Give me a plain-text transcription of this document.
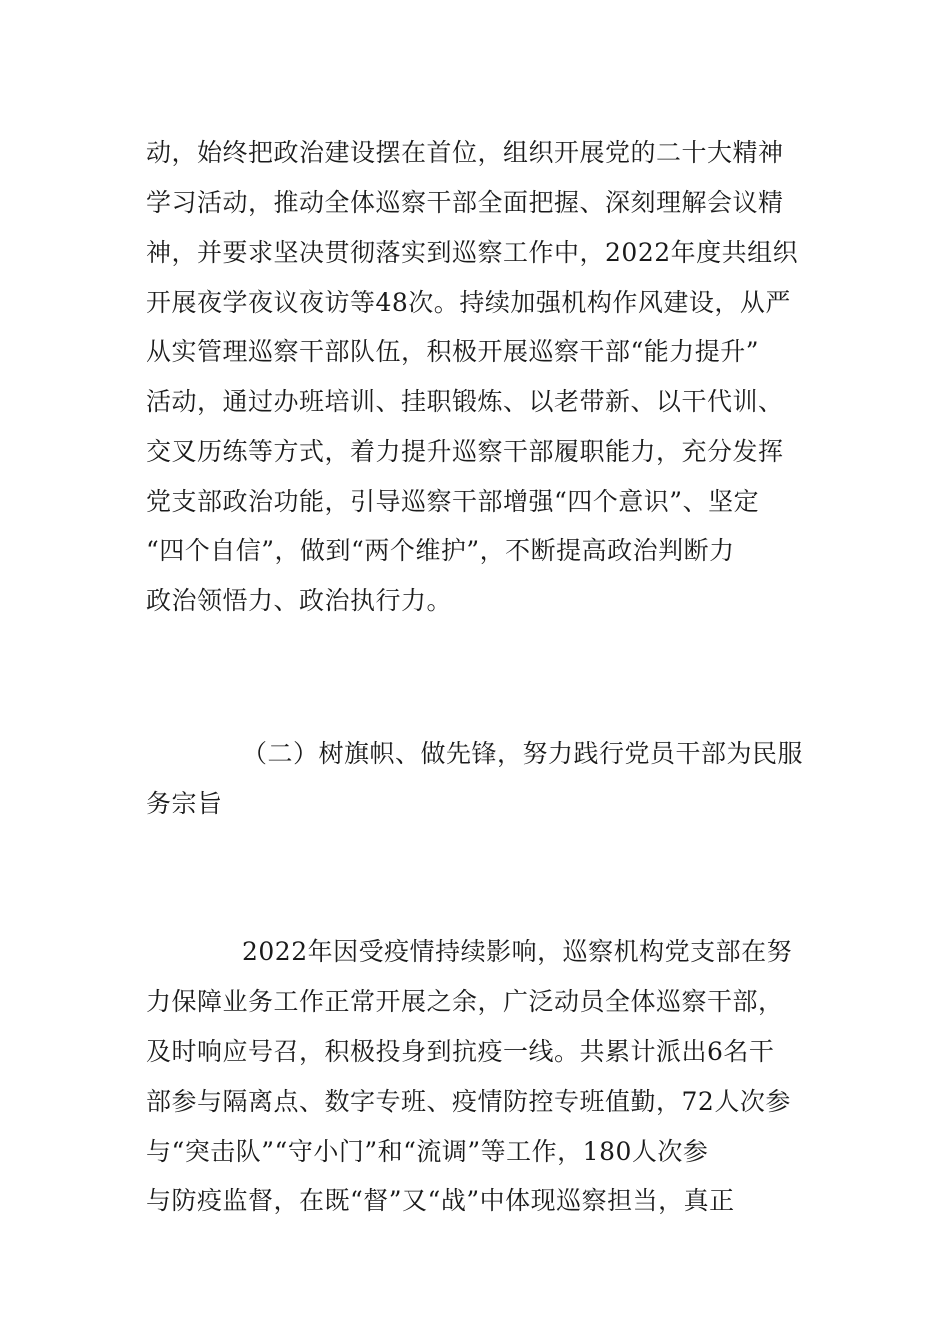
动，始终把政治建设摆在首位，组织开展党的二十大精神
学习活动，推动全体巡察干部全面把握、深刻理解会议精
神，并要求坚决贯彻落实到巡察工作中，2022年度共组织
开展夜学夜议夜访等48次。持续加强机构作风建设，从严
从实管理巡察干部队伍，积极开展巡察干部“能力提升”
活动，通过办班培训、挂职锻炼、以老带新、以干代训、
交叉历练等方式，着力提升巡察干部履职能力，充分发挥
党支部政治功能，引导巡察干部增强“四个意识”、坚定
“四个自信”，做到“两个维护”，不断提高政治判断力
政治领悟力、政治执行力。
（二）树旗帜、做先锋，努力践行党员干部为民服
务宗旨
2022年因受疫情持续影响，巡察机构党支部在努
力保障业务工作正常开展之余，广泛动员全体巡察干部，
及时响应号召，积极投身到抗疫一线。共累计派出6名干
部参与隔离点、数字专班、疫情防控专班值勤，72人次参
与“突击队”“守小门”和“流调”等工作，180人次参
与防疫监督，在既“督”又“战”中体现巡察担当，真正
